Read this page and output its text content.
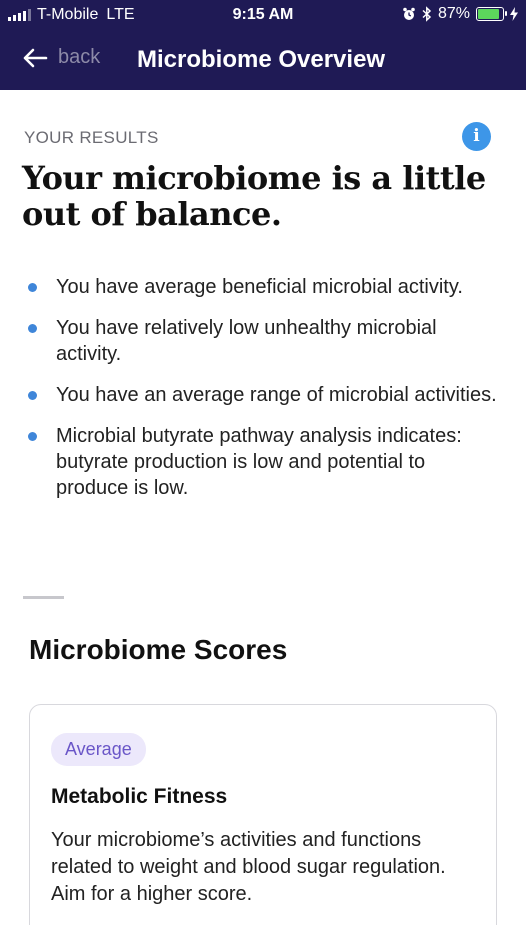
T-Mobile LTE	9:15 AM	87%
back Microbiome Overview
YOUR RESULTS	i
Your microbiome is a little out of balance.
You have average beneficial microbial activity.
You have relatively low unhealthy microbial activity.
You have an average range of microbial activities.
Microbial butyrate pathway analysis indicates: butyrate production is low and potential to produce is low.
Microbiome Scores
Average
Metabolic Fitness

Your microbiome’s activities and functions related to weight and blood sugar regulation. Aim for a higher score.
